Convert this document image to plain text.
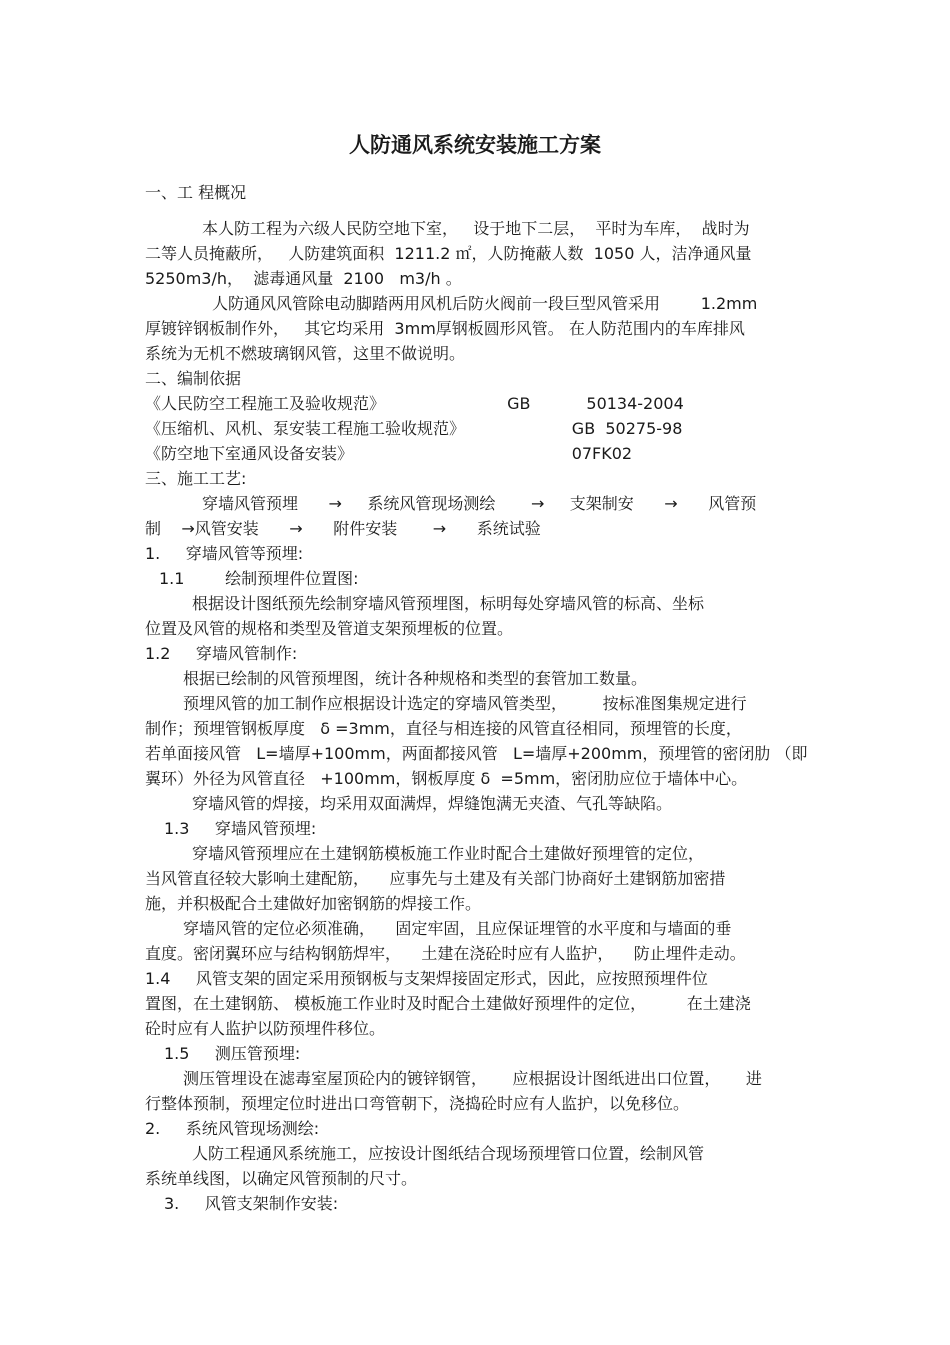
人防通风系统安装施工方案

一、工 程概况

本人防工程为六级人民防空地下室，   设于地下二层，  平时为车库，  战时为

二等人员掩蔽所，   人防建筑面积  1211.2 ㎡，人防掩蔽人数  1050 人，洁净通风量

5250m3/h，  滤毒通风量  2100   m3/h 。

人防通风风管除电动脚踏两用风机后防火阀前一段巨型风管采用        1.2mm

厚镀锌钢板制作外，   其它均采用  3mm厚钢板圆形风管。 在人防范围内的车库排风

系统为无机不燃玻璃钢风管，这里不做说明。

二、编制依据

《人民防空工程施工及验收规范》                        GB           50134-2004

《压缩机、风机、泵安装工程施工验收规范》                     GB  50275-98

《防空地下室通风设备安装》                                           07FK02

三、施工工艺:

穿墙风管预埋      →     系统风管现场测绘       →     支架制安      →      风管预

制    →风管安装      →      附件安装       →      系统试验

1.     穿墙风管等预埋:

1.1        绘制预埋件位置图:

根据设计图纸预先绘制穿墙风管预埋图，标明每处穿墙风管的标高、坐标

位置及风管的规格和类型及管道支架预埋板的位置。

1.2     穿墙风管制作:

根据已绘制的风管预埋图，统计各种规格和类型的套管加工数量。

预埋风管的加工制作应根据设计选定的穿墙风管类型，       按标准图集规定进行

制作；预埋管钢板厚度   δ =3mm，直径与相连接的风管直径相同，预埋管的长度，

若单面接风管   L=墙厚+100mm，两面都接风管   L=墙厚+200mm，预埋管的密闭肋 （即

翼环）外径为风管直径   +100mm，钢板厚度 δ  =5mm，密闭肋应位于墙体中心。

穿墙风管的焊接，均采用双面满焊，焊缝饱满无夹渣、气孔等缺陷。

1.3     穿墙风管预埋:

穿墙风管预埋应在土建钢筋模板施工作业时配合土建做好预埋管的定位，

当风管直径较大影响土建配筋，    应事先与土建及有关部门协商好土建钢筋加密措

施，并积极配合土建做好加密钢筋的焊接工作。

穿墙风管的定位必须准确，    固定牢固，且应保证埋管的水平度和与墙面的垂

直度。密闭翼环应与结构钢筋焊牢，    土建在浇砼时应有人监护，    防止埋件走动。

1.4     风管支架的固定采用预钢板与支架焊接固定形式，因此，应按照预埋件位

置图，在土建钢筋、 模板施工作业时及时配合土建做好预埋件的定位，        在土建浇

砼时应有人监护以防预埋件移位。

1.5     测压管预埋:

测压管埋设在滤毒室屋顶砼内的镀锌钢管，     应根据设计图纸进出口位置，     进

行整体预制，预埋定位时进出口弯管朝下，浇捣砼时应有人监护，以免移位。

2.     系统风管现场测绘:

人防工程通风系统施工，应按设计图纸结合现场预埋管口位置，绘制风管

系统单线图，以确定风管预制的尺寸。

3.     风管支架制作安装:
